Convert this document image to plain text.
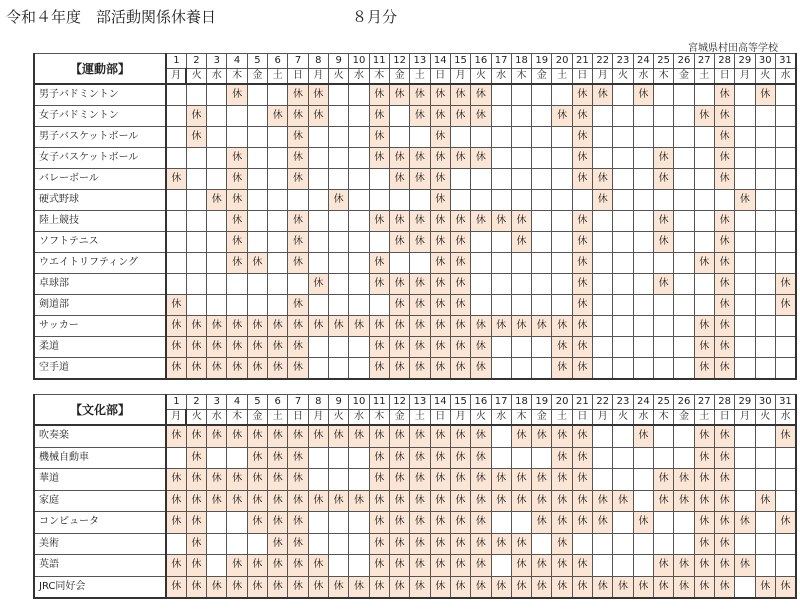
令和４年度　部活動関係休養日	８月分
宮城県村田高等学校
【運動部】	1	2	3	4	5	6	7	8	9	10	11	12	13	14	15	16	17	18	19	20	21	22	23	24	25	26	27	28	29	30	31
	月	火	水	木	金	土	日	月	火	水	木	金	土	日	月	火	水	木	金	土	日	月	火	水	木	金	土	日	月	火	水
男子バドミントン				休			休	休			休	休	休	休	休	休					休	休		休				休		休	
女子バドミントン		休				休	休	休			休		休	休	休	休				休	休						休	休			
男子バスケットボール		休					休				休			休							休							休			
女子バスケットボール				休			休				休	休	休	休	休	休					休				休			休			
バレーボール	休			休			休					休	休	休							休	休			休			休			
硬式野球			休	休					休					休								休							休		
陸上競技				休			休				休	休	休	休	休	休	休	休			休				休			休			
ソフトテニス				休			休					休	休	休	休			休			休				休			休			
ウエイトリフティング				休	休		休				休			休	休						休						休	休			
卓球部								休			休	休	休	休	休						休				休			休			休
剣道部	休						休					休	休	休	休						休							休			休
サッカー	休	休	休	休	休	休	休	休	休	休	休	休	休	休	休	休	休	休	休	休	休						休	休			
柔道	休	休	休	休	休	休	休				休	休	休	休	休	休				休	休						休	休			
空手道	休	休	休	休	休	休	休				休	休	休	休	休	休				休	休						休	休			
【文化部】	1	2	3	4	5	6	7	8	9	10	11	12	13	14	15	16	17	18	19	20	21	22	23	24	25	26	27	28	29	30	31
	月	火	水	木	金	土	日	月	火	水	木	金	土	日	月	火	水	木	金	土	日	月	火	水	木	金	土	日	月	火	水
吹奏楽	休	休	休	休	休	休	休	休	休	休	休	休	休	休	休	休		休	休	休	休			休			休	休			休
機械自動車		休			休	休	休				休	休	休	休	休	休				休	休						休	休			
華道	休	休	休	休	休	休	休				休	休	休	休	休	休	休	休	休	休	休				休	休	休	休			
家庭	休	休	休	休	休	休	休	休	休	休	休	休	休	休	休	休	休	休	休	休	休	休	休		休	休	休	休		休	
コンピュータ	休	休			休	休	休				休	休	休	休	休	休			休	休	休	休		休			休	休	休		休
美術		休				休	休				休	休	休	休	休	休	休	休		休							休	休			
英語	休	休		休	休	休	休	休			休	休	休	休	休	休		休	休	休	休				休	休	休	休	休		
JRC同好会	休	休	休	休	休	休	休	休	休	休	休	休	休	休	休	休	休	休	休	休	休	休	休	休	休	休	休	休		休	休
